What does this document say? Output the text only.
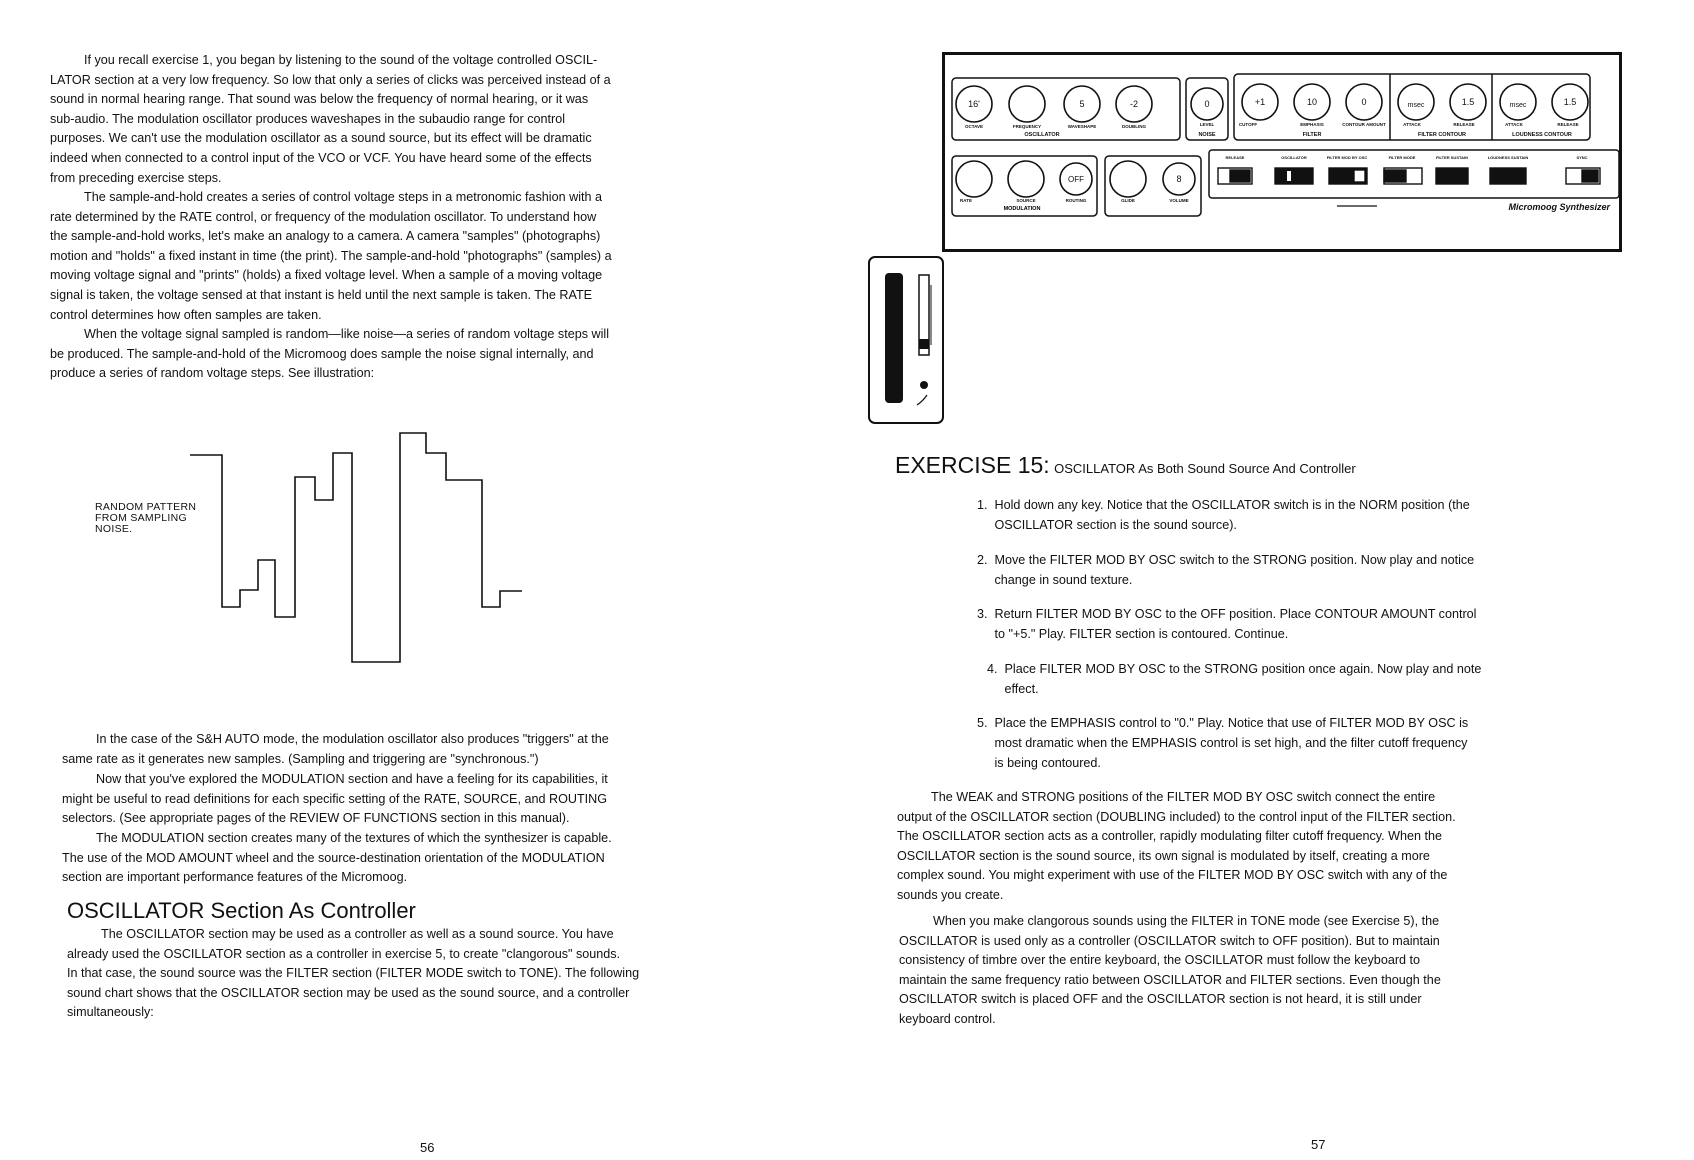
If you recall exercise 1, you began by listening to the sound of the voltage controlled OSCIL-
LATOR section at a very low frequency. So low that only a series of clicks was perceived instead of a
sound in normal hearing range. That sound was below the frequency of normal hearing, or it was
sub-audio. The modulation oscillator produces waveshapes in the subaudio range for control
purposes. We can't use the modulation oscillator as a sound source, but its effect will be dramatic
indeed when connected to a control input of the VCO or VCF. You have heard some of the effects
from preceding exercise steps.
The sample-and-hold creates a series of control voltage steps in a metronomic fashion with a
rate determined by the RATE control, or frequency of the modulation oscillator. To understand how
the sample-and-hold works, let's make an analogy to a camera. A camera "samples" (photographs)
motion and "holds" a fixed instant in time (the print). The sample-and-hold "photographs" (samples) a
moving voltage signal and "prints" (holds) a fixed voltage level. When a sample of a moving voltage
signal is taken, the voltage sensed at that instant is held until the next sample is taken. The RATE
control determines how often samples are taken.
When the voltage signal sampled is random—like noise—a series of random voltage steps will
be produced. The sample-and-hold of the Micromoog does sample the noise signal internally, and
produce a series of random voltage steps. See illustration:
RANDOM PATTERN
FROM SAMPLING
NOISE.
In the case of the S&H AUTO mode, the modulation oscillator also produces "triggers" at the
same rate as it generates new samples. (Sampling and triggering are "synchronous.")
Now that you've explored the MODULATION section and have a feeling for its capabilities, it
might be useful to read definitions for each specific setting of the RATE, SOURCE, and ROUTING
selectors. (See appropriate pages of the REVIEW OF FUNCTIONS section in this manual).
The MODULATION section creates many of the textures of which the synthesizer is capable.
The use of the MOD AMOUNT wheel and the source-destination orientation of the MODULATION
section are important performance features of the Micromoog.
OSCILLATOR Section As Controller
The OSCILLATOR section may be used as a controller as well as a sound source. You have
already used the OSCILLATOR section as a controller in exercise 5, to create "clangorous" sounds.
In that case, the sound source was the FILTER section (FILTER MODE switch to TONE). The following
sound chart shows that the OSCILLATOR section may be used as the sound source, and a controller
simultaneously:
56
16'	5	-2	0	+1	10	0	msec	1.5	msec	1.5
OCTAVE	FREQUENCY	WAVESHAPE	DOUBLING	LEVEL	CUTOFF	EMPHASIS	CONTOUR AMOUNT	ATTACK	RELEASE	ATTACK	RELEASE
OSCILLATOR	NOISE	FILTER	FILTER CONTOUR	LOUDNESS CONTOUR
OFF	8
RATE	SOURCE	ROUTING	GLIDE	VOLUME
MODULATION
RELEASE	OSCILLATOR	FILTER MOD BY OSC	FILTER MODE	FILTER SUSTAIN	LOUDNESS SUSTAIN	SYNC
Micromoog Synthesizer
EXERCISE 15: OSCILLATOR As Both Sound Source And Controller
1. Hold down any key. Notice that the OSCILLATOR switch is in the NORM position (the
OSCILLATOR section is the sound source).
2. Move the FILTER MOD BY OSC switch to the STRONG position. Now play and notice
change in sound texture.
3. Return FILTER MOD BY OSC to the OFF position. Place CONTOUR AMOUNT control
to "+5." Play. FILTER section is contoured. Continue.
4. Place FILTER MOD BY OSC to the STRONG position once again. Now play and note
effect.
5. Place the EMPHASIS control to "0." Play. Notice that use of FILTER MOD BY OSC is
most dramatic when the EMPHASIS control is set high, and the filter cutoff frequency
is being contoured.
The WEAK and STRONG positions of the FILTER MOD BY OSC switch connect the entire
output of the OSCILLATOR section (DOUBLING included) to the control input of the FILTER section.
The OSCILLATOR section acts as a controller, rapidly modulating filter cutoff frequency. When the
OSCILLATOR section is the sound source, its own signal is modulated by itself, creating a more
complex sound. You might experiment with use of the FILTER MOD BY OSC switch with any of the
sounds you create.
When you make clangorous sounds using the FILTER in TONE mode (see Exercise 5), the
OSCILLATOR is used only as a controller (OSCILLATOR switch to OFF position). But to maintain
consistency of timbre over the entire keyboard, the OSCILLATOR must follow the keyboard to
maintain the same frequency ratio between OSCILLATOR and FILTER sections. Even though the
OSCILLATOR switch is placed OFF and the OSCILLATOR section is not heard, it is still under
keyboard control.
57
